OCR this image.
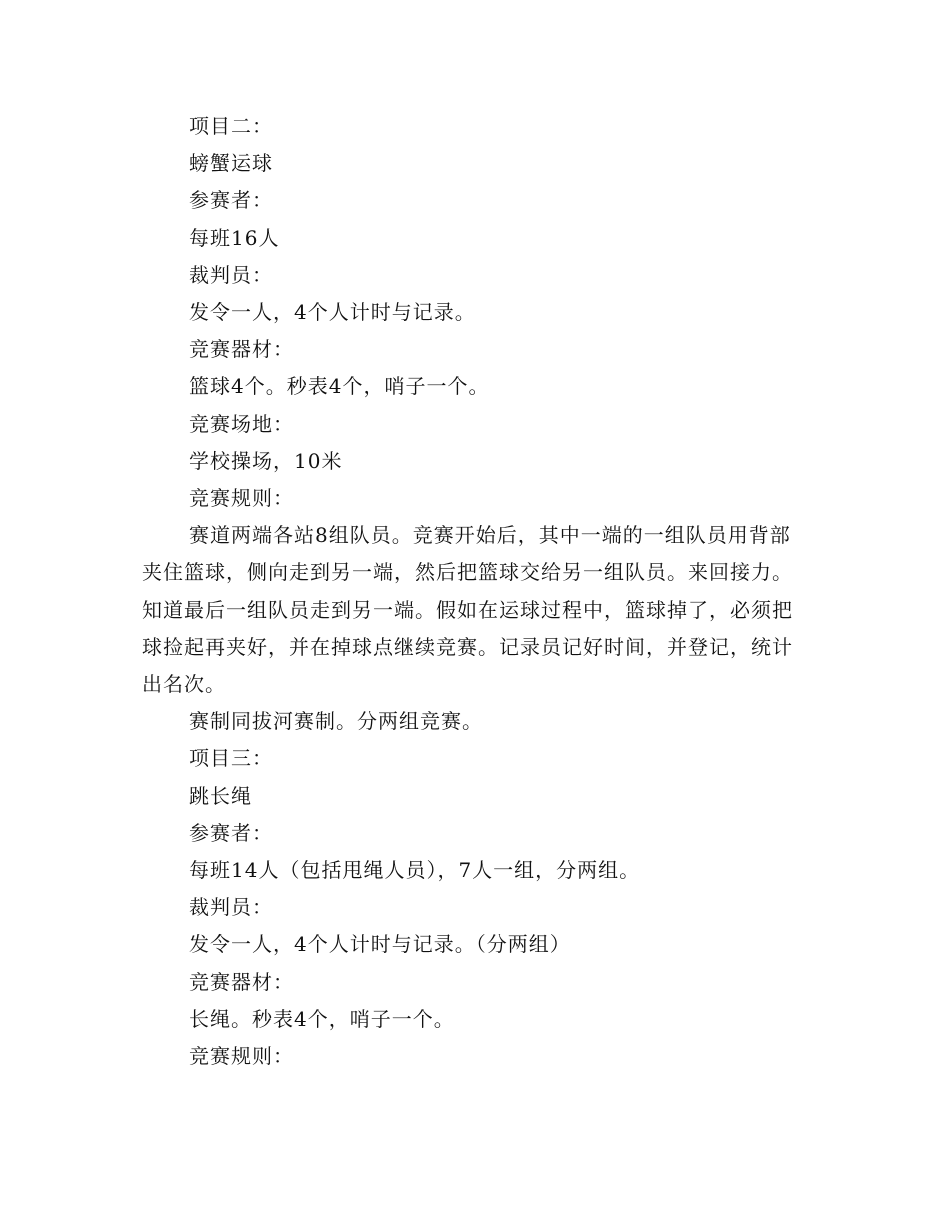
项目二：

螃蟹运球

参赛者：

每班16人

裁判员：

发令一人，4个人计时与记录。

竞赛器材：

篮球4个。秒表4个，哨子一个。

竞赛场地：

学校操场，10米

竞赛规则：

赛道两端各站8组队员。竞赛开始后，其中一端的一组队员用背部夹住篮球，侧向走到另一端，然后把篮球交给另一组队员。来回接力。知道最后一组队员走到另一端。假如在运球过程中，篮球掉了，必须把球捡起再夹好，并在掉球点继续竞赛。记录员记好时间，并登记，统计出名次。

赛制同拔河赛制。分两组竞赛。

项目三：

跳长绳

参赛者：

每班14人（包括甩绳人员），7人一组，分两组。

裁判员：

发令一人，4个人计时与记录。（分两组）

竞赛器材：

长绳。秒表4个，哨子一个。

竞赛规则：
